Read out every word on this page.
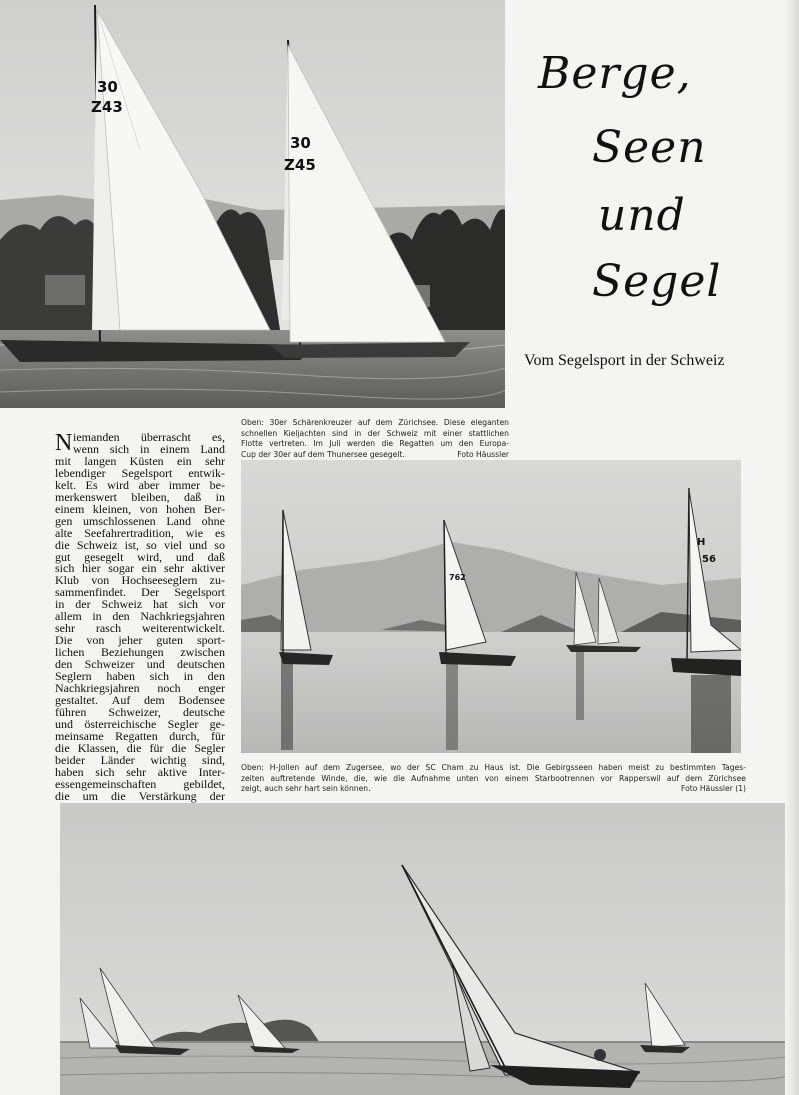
30
Z43
30
Z45
Berge,
Seen
und
Segel
Vom Segelsport in der Schweiz
Oben: 30er Schärenkreuzer auf dem Zürichsee. Diese eleganten
schnellen Kieljachten sind in der Schweiz mit einer stattlichen
Flotte vertreten. Im Juli werden die Regatten um den Europa-
Cup der 30er auf dem Thunersee gesegelt.	Foto Häussler
N iemanden überrascht es,
wenn sich in einem Land
mit langen Küsten ein sehr
lebendiger Segelsport entwik-
kelt. Es wird aber immer be-
merkenswert bleiben, daß in
einem kleinen, von hohen Ber-
gen umschlossenen Land ohne
alte Seefahrertradition, wie es
die Schweiz ist, so viel und so
gut gesegelt wird, und daß
sich hier sogar ein sehr aktiver
Klub von Hochseeseglern zu-
sammenfindet. Der Segelsport
in der Schweiz hat sich vor
allem in den Nachkriegsjahren
sehr rasch weiterentwickelt.
Die von jeher guten sport-
lichen Beziehungen zwischen
den Schweizer und deutschen
Seglern haben sich in den
Nachkriegsjahren noch enger
gestaltet. Auf dem Bodensee
führen Schweizer, deutsche
und österreichische Segler ge-
meinsame Regatten durch, für
die Klassen, die für die Segler
beider Länder wichtig sind,
haben sich sehr aktive Inter-
essengemeinschaften gebildet,
die um die Verstärkung der
H
56
762
Oben: H-Jollen auf dem Zugersee, wo der SC Cham zu Haus ist. Die Gebirgsseen haben meist zu bestimmten Tages-
zeiten auftretende Winde, die, wie die Aufnahme unten von einem Starbootrennen vor Rapperswil auf dem Zürichsee
zeigt, auch sehr hart sein können.	Foto Häussler (1)
